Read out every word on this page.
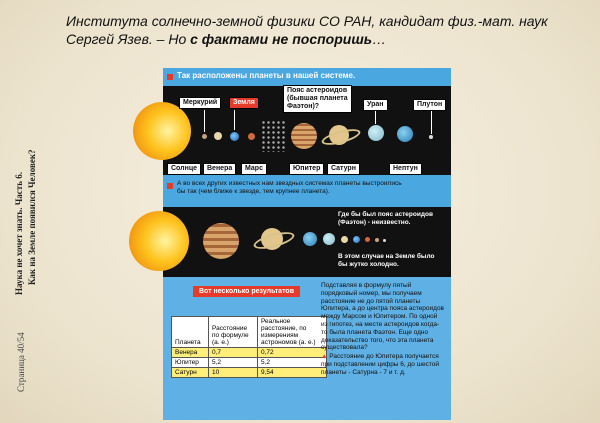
Института солнечно-земной физики СО РАН, кандидат физ.-мат. наук Сергей Язев. – Но с фактами не поспоришь…
Наука не хочет знать. Часть 6. Как на Земле появился Человек?
Страница 40/54
Так расположены планеты в нашей системе.
Меркурий	Земля
Пояс астероидов
(бывшая планета
Фаэтон)?	Уран	Плутон
Солнце	Венера	Марс	Юпитер	Сатурн	Нептун
А во всех других известных нам звездных системах планеты выстроились бы так (чем ближе к звезде, тем крупнее планета).
Где бы был пояс астероидов (Фаэтон) - неизвестно.
В этом случае на Земле было бы жутко холодно.
Вот несколько результатов
Планета	Расстояние по формуле (а. е.)	Реальное расстояние, по измерениям астрономов (а. е.)
Венера	0,7	0,72
Юпитер	5,2	5,2
Сатурн	10	9,54
Подставляя в формулу пятый порядковый номер, мы получаем расстояние не до пятой планеты Юпитера, а до центра пояса астероидов между Марсом и Юпитером. По одной из гипотез, на месте астероидов когда-то была планета Фаэтон. Еще одно доказательство того, что эта планета существовала?
▲ Расстояние до Юпитера получается при подставлении цифры 6, до шестой планеты - Сатурна - 7 и т. д.
